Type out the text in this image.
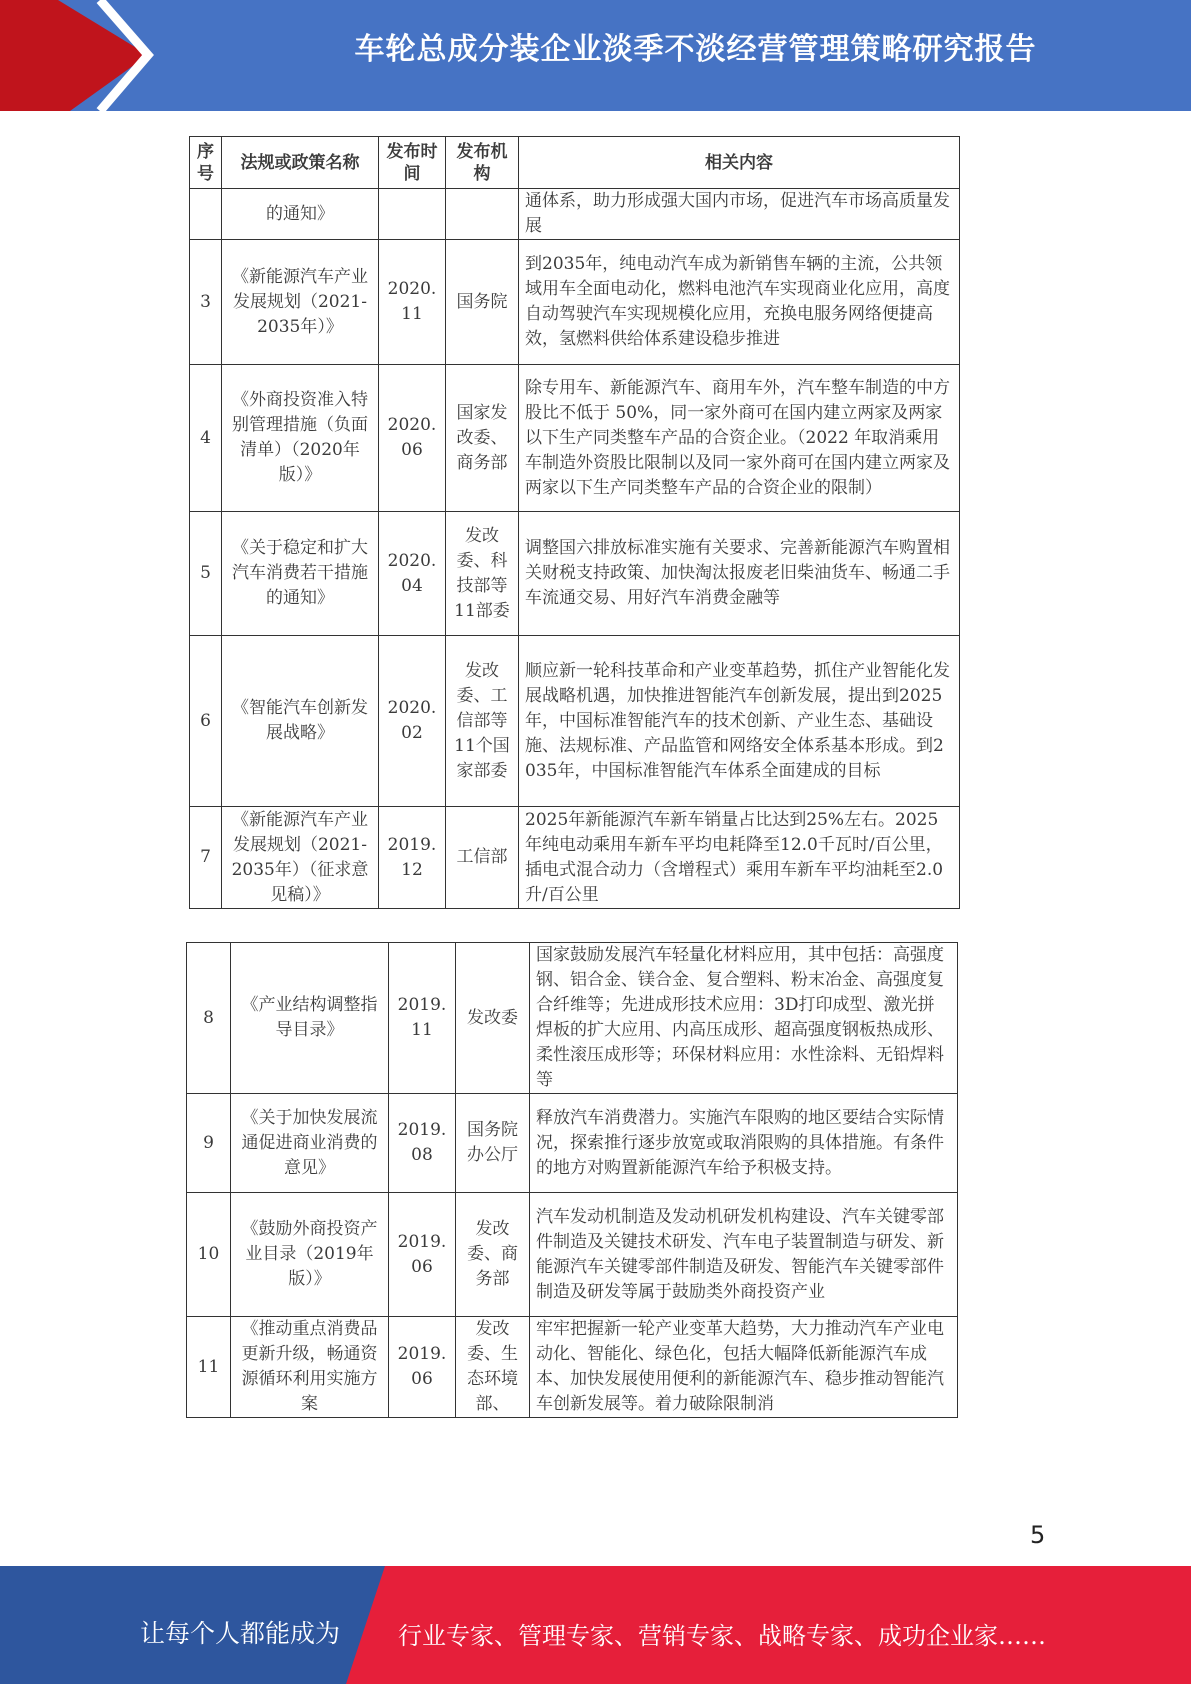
车轮总成分装企业淡季不淡经营管理策略研究报告
序号	法规或政策名称	发布时间	发布机构	相关内容
	的通知》			通体系，助力形成强大国内市场，促进汽车市场高质量发展
3	《新能源汽车产业发展规划（2021-2035年）》	2020.11	国务院	到2035年，纯电动汽车成为新销售车辆的主流，公共领域用车全面电动化，燃料电池汽车实现商业化应用，高度自动驾驶汽车实现规模化应用，充换电服务网络便捷高效，氢燃料供给体系建设稳步推进
4	《外商投资准入特别管理措施（负面清单）（2020年版）》	2020.06	国家发改委、商务部	除专用车、新能源汽车、商用车外，汽车整车制造的中方股比不低于 50%，同一家外商可在国内建立两家及两家以下生产同类整车产品的合资企业。（2022 年取消乘用车制造外资股比限制以及同一家外商可在国内建立两家及两家以下生产同类整车产品的合资企业的限制）
5	《关于稳定和扩大汽车消费若干措施的通知》	2020.04	发改委、科技部等11部委	调整国六排放标准实施有关要求、完善新能源汽车购置相关财税支持政策、加快淘汰报废老旧柴油货车、畅通二手车流通交易、用好汽车消费金融等
6	《智能汽车创新发展战略》	2020.02	发改委、工信部等11个国家部委	顺应新一轮科技革命和产业变革趋势，抓住产业智能化发展战略机遇，加快推进智能汽车创新发展，提出到2025年，中国标准智能汽车的技术创新、产业生态、基础设施、法规标准、产品监管和网络安全体系基本形成。到2035年，中国标准智能汽车体系全面建成的目标
7	《新能源汽车产业发展规划（2021-2035年）（征求意见稿）》	2019.12	工信部	2025年新能源汽车新车销量占比达到25%左右。2025年纯电动乘用车新车平均电耗降至12.0千瓦时/百公里，插电式混合动力（含增程式）乘用车新车平均油耗至2.0升/百公里
8	《产业结构调整指导目录》	2019.11	发改委	国家鼓励发展汽车轻量化材料应用，其中包括：高强度钢、铝合金、镁合金、复合塑料、粉末冶金、高强度复合纤维等；先进成形技术应用：3D打印成型、激光拼焊板的扩大应用、内高压成形、超高强度钢板热成形、柔性滚压成形等；环保材料应用：水性涂料、无铅焊料等
9	《关于加快发展流通促进商业消费的意见》	2019.08	国务院办公厅	释放汽车消费潜力。实施汽车限购的地区要结合实际情况，探索推行逐步放宽或取消限购的具体措施。有条件的地方对购置新能源汽车给予积极支持。
10	《鼓励外商投资产业目录（2019年版）》	2019.06	发改委、商务部	汽车发动机制造及发动机研发机构建设、汽车关键零部件制造及关键技术研发、汽车电子装置制造与研发、新能源汽车关键零部件制造及研发、智能汽车关键零部件制造及研发等属于鼓励类外商投资产业
11	《推动重点消费品更新升级，畅通资源循环利用实施方案	2019.06	发改委、生态环境部、	牢牢把握新一轮产业变革大趋势，大力推动汽车产业电动化、智能化、绿色化，包括大幅降低新能源汽车成本、加快发展使用便利的新能源汽车、稳步推动智能汽车创新发展等。着力破除限制消
5
让每个人都能成为 行业专家、管理专家、营销专家、战略专家、成功企业家……
